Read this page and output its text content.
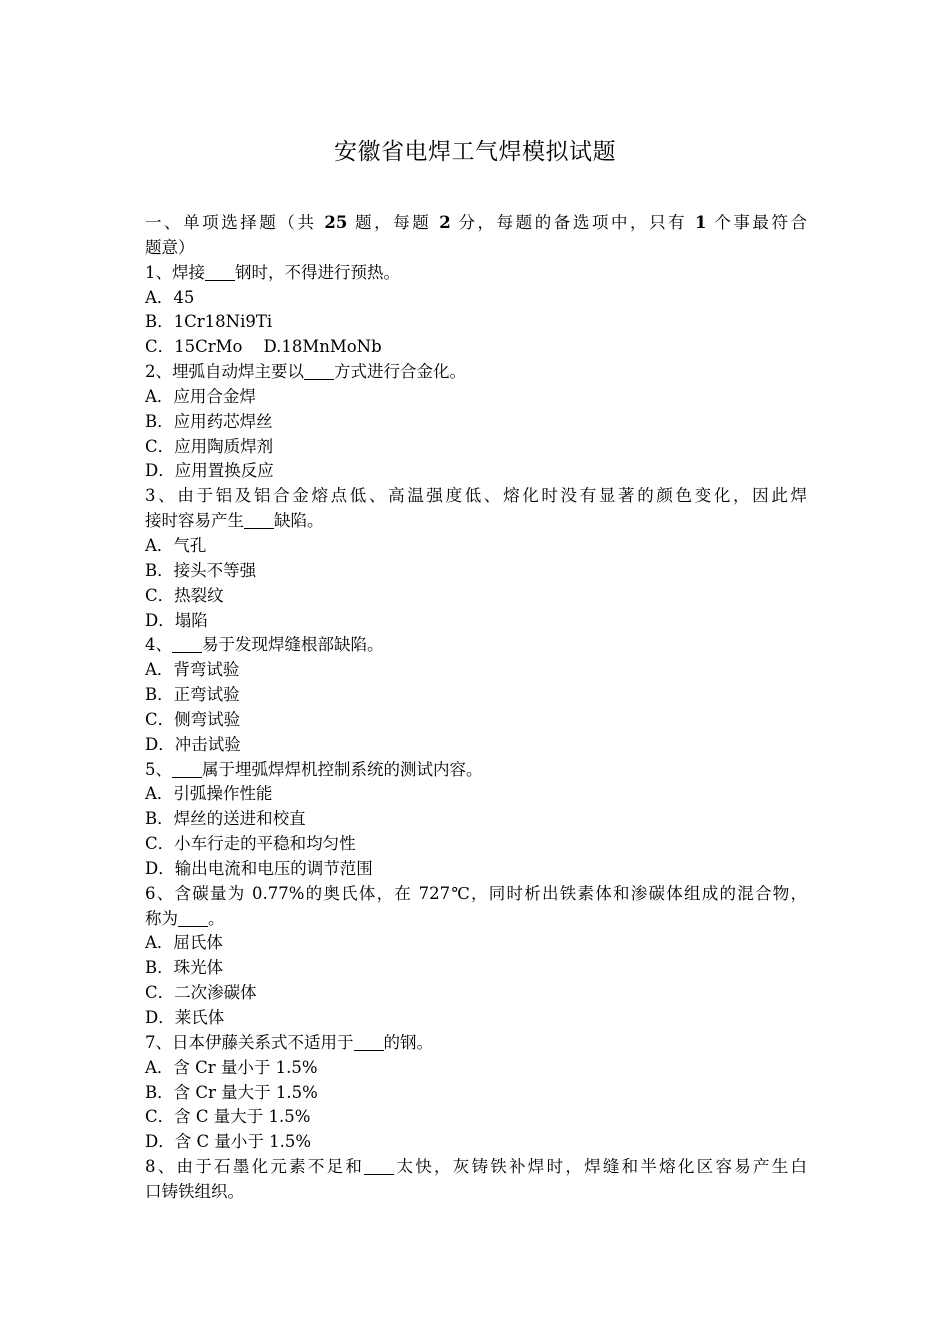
安徽省电焊工气焊模拟试题
一、单项选择题（共 25 题，每题 2 分，每题的备选项中，只有 1 个事最符合
题意）
1、焊接 钢时，不得进行预热。
A．45
B．1Cr18Ni9Ti
C．15CrMo    D.18MnMoNb
2、埋弧自动焊主要以 方式进行合金化。
A．应用合金焊
B．应用药芯焊丝
C．应用陶质焊剂
D．应用置换反应
3、由于铝及铝合金熔点低、高温强度低、熔化时没有显著的颜色变化，因此焊
接时容易产生 缺陷。
A．气孔
B．接头不等强
C．热裂纹
D．塌陷
4、 易于发现焊缝根部缺陷。
A．背弯试验
B．正弯试验
C．侧弯试验
D．冲击试验
5、 属于埋弧焊焊机控制系统的测试内容。
A．引弧操作性能
B．焊丝的送进和校直
C．小车行走的平稳和均匀性
D．输出电流和电压的调节范围
6、含碳量为 0.77%的奥氏体，在 727℃，同时析出铁素体和渗碳体组成的混合物，
称为 。
A．屈氏体
B．珠光体
C．二次渗碳体
D．莱氏体
7、日本伊藤关系式不适用于 的钢。
A．含 Cr 量小于 1.5%
B．含 Cr 量大于 1.5%
C．含 C 量大于 1.5%
D．含 C 量小于 1.5%
8、由于石墨化元素不足和 太快，灰铸铁补焊时，焊缝和半熔化区容易产生白
口铸铁组织。
